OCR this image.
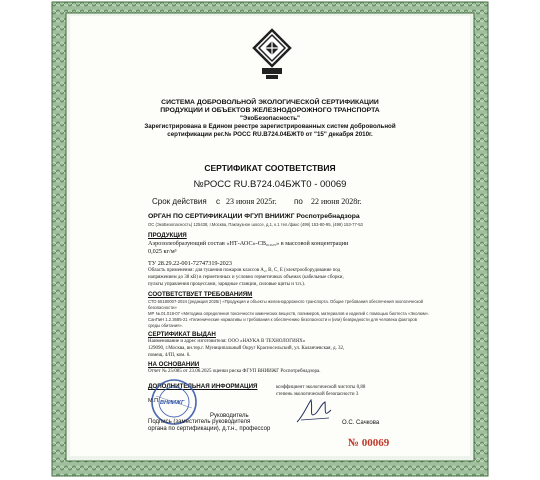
СИСТЕМА ДОБРОВОЛЬНОЙ ЭКОЛОГИЧЕСКОЙ СЕРТИФИКАЦИИ
ПРОДУКЦИИ И ОБЪЕКТОВ ЖЕЛЕЗНОДОРОЖНОГО ТРАНСПОРТА
"ЭкоБезопасность"
Зарегистрирована в Едином реестре зарегистрированных систем добровольной
сертификации рег.№ РОСС RU.В724.04БЖТ0 от "15" декабря 2010г.
СЕРТИФИКАТ СООТВЕТСТВИЯ
№РОСС RU.В724.04БЖТ0 - 00069
Срок действия с 23 июня 2025г. по 22 июня 2028г.
ОРГАН ПО СЕРТИФИКАЦИИ ФГУП ВНИИЖГ Роспотребнадзора
ОС (ЭкоБезопасность) 125438, г.Москва, Пакгаузное шоссе, д.1, к.1 тел./факс (499) 153-80-95, (499) 153-77-53
ПРОДУКЦИЯ
Аэрозолеобразующий состав «НТ-АОС»-СВ₀,₀₂₅» в массовой концентрации
0,025 кг/м³
ТУ 28.29.22-001-72747319-2023
Область применения: для тушения пожаров классов A₂, B, C, E (электрооборудование под
напряжением до 38 кВ) в герметичных и условно герметичных объемах (кабельные сборки,
пульты управления процессами, зарядные станции, силовые щиты и т.п.).
СООТВЕТСТВУЕТ ТРЕБОВАНИЯМ
СТО 55180007-2024 (редакция 2025г) «Продукция и объекты железнодорожного транспорта. Общие требования обеспечения экологической
безопасности»
МР №.01.018-07 «Методика определения токсичности химических веществ, полимеров, материалов и изделий с помощью биотеста «Эколюм».
СанПиН 1.2.3685-21 «Гигиенические нормативы и требования к обеспечению безопасности и (или) безвредности для человека факторов
среды обитания».
СЕРТИФИКАТ ВЫДАН
Наименование и адрес изготовителя: ООО «НАУКА В ТЕХНОЛОГИЯХ»
129090, г.Москва, вн.тер.г. Муниципальный Округ Красносельский, ул. Каланчевская, д. 32,
помещ. 4/ПI, ком. 6.
НА ОСНОВАНИИ
Отчет № 25/085 от 23.06.2025 оценки риска ФГУП ВНИИЖГ Роспотребнадзора.
ДОПОЛНИТЕЛЬНАЯ ИНФОРМАЦИЯ	коэффициент экологической чистоты 0,88
степень экологической безопасности 3
ВНИИЖГ
М.П.
Руководитель
Подпись (заместитель руководителя
органа по сертификации), д.т.н., профессор
О.С. Сачкова
№ 00069
